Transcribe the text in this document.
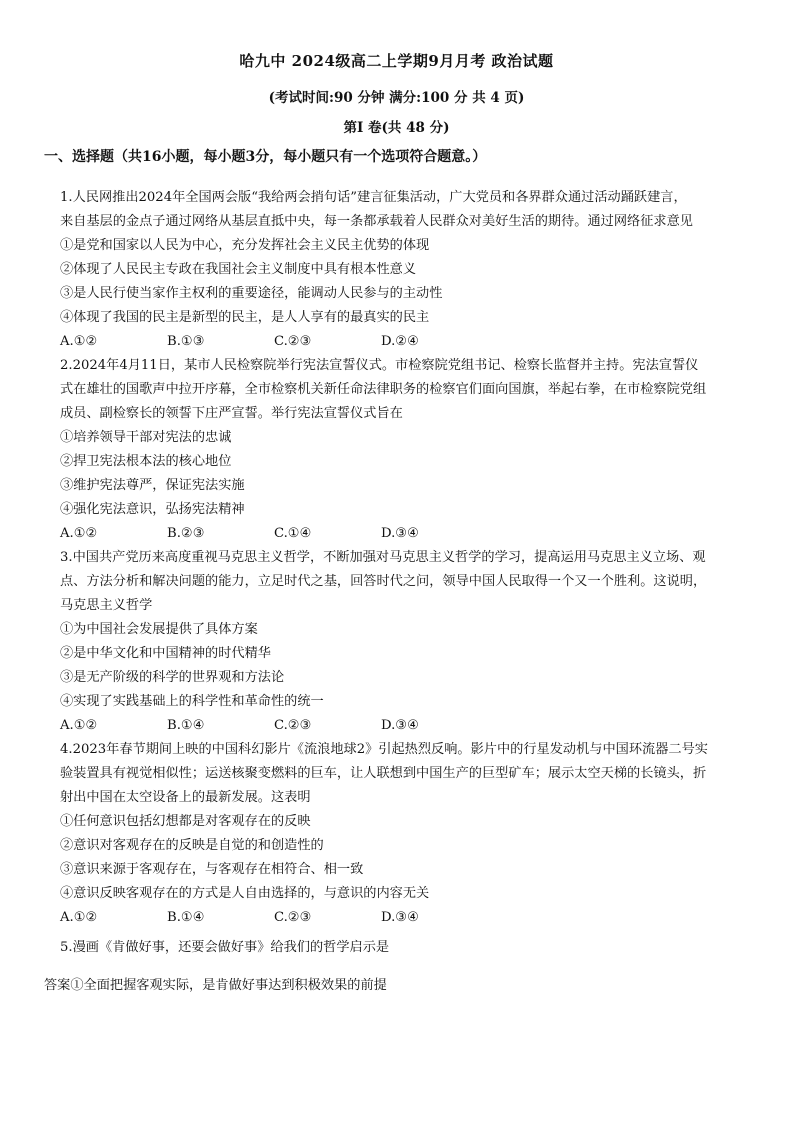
哈九中 2024级高二上学期9月月考 政治试题
(考试时间:90 分钟 满分:100 分 共 4 页)
第Ⅰ 卷(共 48 分)
一、选择题（共16小题，每小题3分，每小题只有一个选项符合题意。）
1.人民网推出2024年全国两会版“我给两会捎句话”建言征集活动，广大党员和各界群众通过活动踊跃建言，
来自基层的金点子通过网络从基层直抵中央，每一条都承载着人民群众对美好生活的期待。通过网络征求意见
①是党和国家以人民为中心，充分发挥社会主义民主优势的体现
②体现了人民民主专政在我国社会主义制度中具有根本性意义
③是人民行使当家作主权利的重要途径，能调动人民参与的主动性
④体现了我国的民主是新型的民主，是人人享有的最真实的民主
A.①②	B.①③	C.②③	D.②④
2.2024年4月11日，某市人民检察院举行宪法宣誓仪式。市检察院党组书记、检察长监督并主持。宪法宣誓仪
式在雄壮的国歌声中拉开序幕，全市检察机关新任命法律职务的检察官们面向国旗，举起右拳，在市检察院党组
成员、副检察长的领誓下庄严宣誓。举行宪法宣誓仪式旨在
①培养领导干部对宪法的忠诚
②捍卫宪法根本法的核心地位
③维护宪法尊严，保证宪法实施
④强化宪法意识，弘扬宪法精神
A.①②	B.②③	C.①④	D.③④
3.中国共产党历来高度重视马克思主义哲学，不断加强对马克思主义哲学的学习，提高运用马克思主义立场、观
点、方法分析和解决问题的能力，立足时代之基，回答时代之问，领导中国人民取得一个又一个胜利。这说明，
马克思主义哲学
①为中国社会发展提供了具体方案
②是中华文化和中国精神的时代精华
③是无产阶级的科学的世界观和方法论
④实现了实践基础上的科学性和革命性的统一
A.①②	B.①④	C.②③	D.③④
4.2023年春节期间上映的中国科幻影片《流浪地球2》引起热烈反响。影片中的行星发动机与中国环流器二号实
验装置具有视觉相似性；运送核聚变燃料的巨车，让人联想到中国生产的巨型矿车；展示太空天梯的长镜头，折
射出中国在太空设备上的最新发展。这表明
①任何意识包括幻想都是对客观存在的反映
②意识对客观存在的反映是自觉的和创造性的
③意识来源于客观存在，与客观存在相符合、相一致
④意识反映客观存在的方式是人自由选择的，与意识的内容无关
A.①②	B.①④	C.②③	D.③④
5.漫画《肯做好事，还要会做好事》给我们的哲学启示是
答案①全面把握客观实际，是肯做好事达到积极效果的前提
